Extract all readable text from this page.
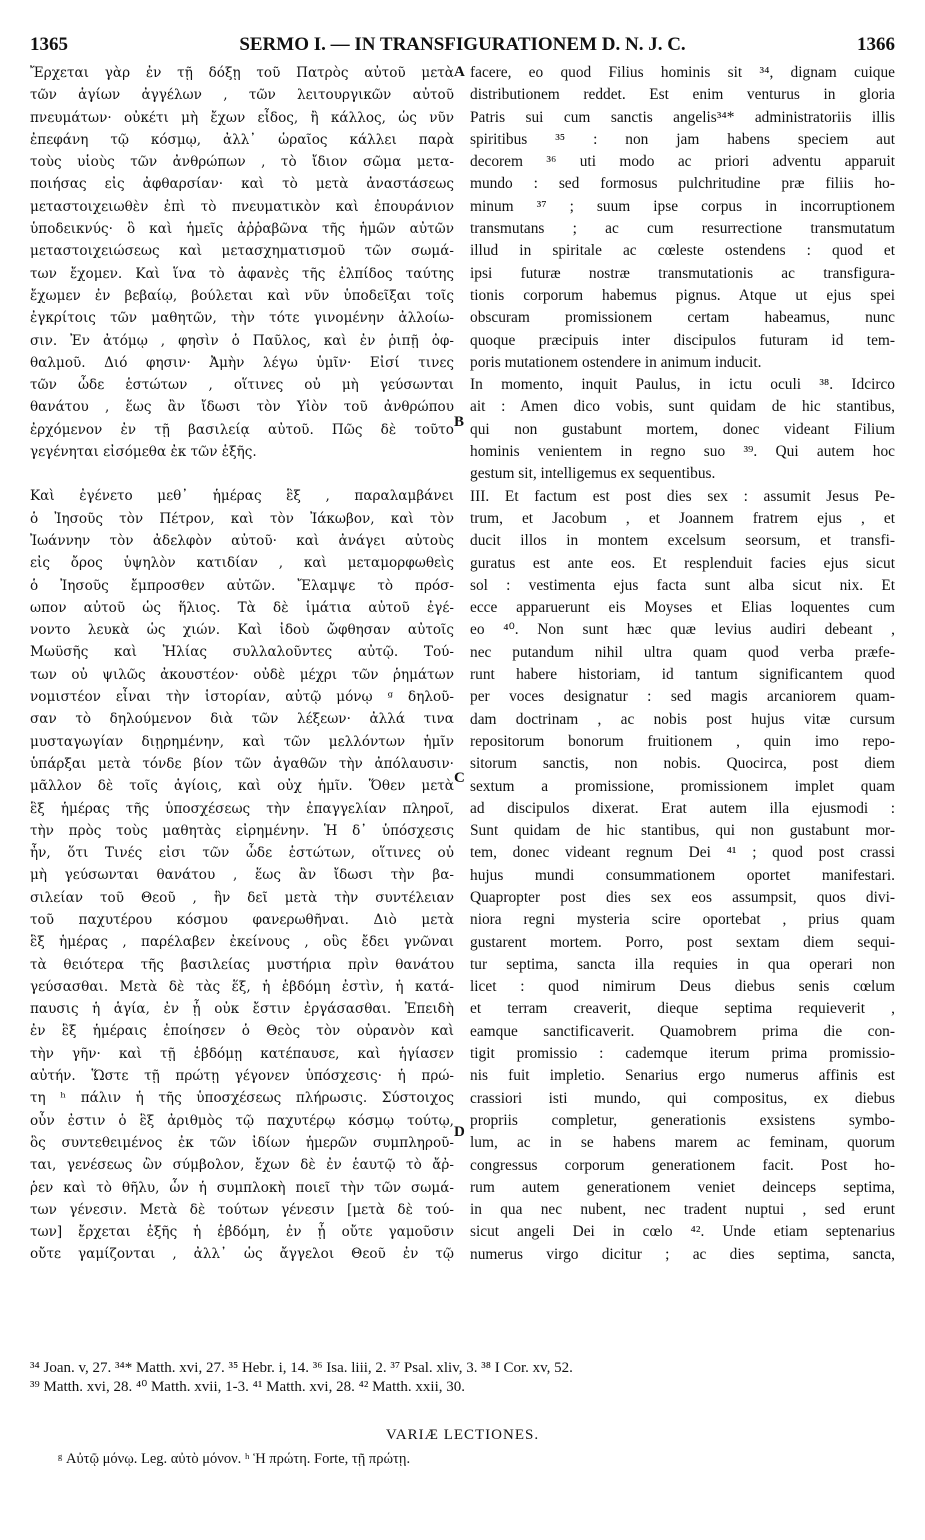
1365	SERMO I. — IN TRANSFIGURATIONEM D. N. J. C.	1366
Ἔρχεται γὰρ ἐν τῇ δόξῃ τοῦ Πατρὸς αὐτοῦ μετὰ
τῶν ἁγίων ἀγγέλων , τῶν λειτουργικῶν αὐτοῦ
πνευμάτων· οὐκέτι μὴ ἔχων εἶδος, ἢ κάλλος, ὡς νῦν
ἐπεφάνη τῷ κόσμῳ, ἀλλ᾽ ὡραῖος κάλλει παρὰ
τοὺς υἱοὺς τῶν ἀνθρώπων , τὸ ἴδιον σῶμα μετα-
ποιήσας εἰς ἀφθαρσίαν· καὶ τὸ μετὰ ἀναστάσεως
μεταστοιχειωθὲν ἐπὶ τὸ πνευματικὸν καὶ ἐπουράνιον
ὑποδεικνύς· ὃ καὶ ἡμεῖς ἀῤῥαβῶνα τῆς ἡμῶν αὐτῶν
μεταστοιχειώσεως καὶ μετασχηματισμοῦ τῶν σωμά-
των ἔχομεν. Καὶ ἵνα τὸ ἀφανὲς τῆς ἐλπίδος ταύτης
ἔχωμεν ἐν βεβαίῳ, βούλεται καὶ νῦν ὑποδεῖξαι τοῖς
ἐγκρίτοις τῶν μαθητῶν, τὴν τότε γινομένην ἀλλοίω-
σιν. Ἐν ἀτόμῳ , φησὶν ὁ Παῦλος, καὶ ἐν ῥιπῇ ὀφ-
θαλμοῦ. Διό φησιν· Ἀμὴν λέγω ὑμῖν· Εἰσί τινες
τῶν ὧδε ἑστώτων , οἵτινες οὐ μὴ γεύσωνται
θανάτου , ἕως ἂν ἴδωσι τὸν Υἱὸν τοῦ ἀνθρώπου
ἐρχόμενον ἐν τῇ βασιλείᾳ αὐτοῦ. Πῶς δὲ τοῦτο
γεγένηται εἰσόμεθα ἐκ τῶν ἑξῆς.
Καὶ ἐγένετο μεθ᾽ ἡμέρας ἓξ , παραλαμβάνει
ὁ Ἰησοῦς τὸν Πέτρον, καὶ τὸν Ἰάκωβον, καὶ τὸν
Ἰωάννην τὸν ἀδελφὸν αὐτοῦ· καὶ ἀνάγει αὐτοὺς
εἰς ὄρος ὑψηλὸν κατιδίαν , καὶ μεταμορφωθεὶς
ὁ Ἰησοῦς ἔμπροσθεν αὐτῶν. Ἔλαμψε τὸ πρόσ-
ωπον αὐτοῦ ὡς ἥλιος. Τὰ δὲ ἱμάτια αὐτοῦ ἐγέ-
νοντο λευκὰ ὡς χιών. Καὶ ἰδοὺ ὤφθησαν αὐτοῖς
Μωϋσῆς καὶ Ἠλίας συλλαλοῦντες αὐτῷ. Τού-
των οὐ ψιλῶς ἀκουστέον· οὐδὲ μέχρι τῶν ῥημάτων
νομιστέον εἶναι τὴν ἱστορίαν, αὐτῷ μόνῳ ᵍ δηλοῦ-
σαν τὸ δηλούμενον διὰ τῶν λέξεων· ἀλλά τινα
μυσταγωγίαν διῃρημένην, καὶ τῶν μελλόντων ἡμῖν
ὑπάρξαι μετὰ τόνδε βίον τῶν ἀγαθῶν τὴν ἀπόλαυσιν·
μᾶλλον δὲ τοῖς ἁγίοις, καὶ οὐχ ἡμῖν. Ὅθεν μετὰ
ἓξ ἡμέρας τῆς ὑποσχέσεως τὴν ἐπαγγελίαν πληροῖ,
τὴν πρὸς τοὺς μαθητὰς εἰρημένην. Ἡ δ᾽ ὑπόσχεσις
ἦν, ὅτι Τινές εἰσι τῶν ὧδε ἑστώτων, οἵτινες οὐ
μὴ γεύσωνται θανάτου , ἕως ἂν ἴδωσι τὴν βα-
σιλείαν τοῦ Θεοῦ , ἣν δεῖ μετὰ τὴν συντέλειαν
τοῦ παχυτέρου κόσμου φανερωθῆναι. Διὸ μετὰ
ἓξ ἡμέρας , παρέλαβεν ἐκείνους , οὓς ἔδει γνῶναι
τὰ θειότερα τῆς βασιλείας μυστήρια πρὶν θανάτου
γεύσασθαι. Μετὰ δὲ τὰς ἕξ, ἡ ἑβδόμη ἐστὶν, ἡ κατά-
παυσις ἡ ἁγία, ἐν ᾗ οὐκ ἔστιν ἐργάσασθαι. Ἐπειδὴ
ἐν ἓξ ἡμέραις ἐποίησεν ὁ Θεὸς τὸν οὐρανὸν καὶ
τὴν γῆν· καὶ τῇ ἑβδόμῃ κατέπαυσε, καὶ ἡγίασεν
αὐτήν. Ὥστε τῇ πρώτῃ γέγονεν ὑπόσχεσις· ἡ πρώ-
τη ʰ πάλιν ἡ τῆς ὑποσχέσεως πλήρωσις. Σύστοιχος
οὖν ἐστιν ὁ ἓξ ἀριθμὸς τῷ παχυτέρῳ κόσμῳ τούτῳ,
ὃς συντεθειμένος ἐκ τῶν ἰδίων ἡμερῶν συμπληροῦ-
ται, γενέσεως ὢν σύμβολον, ἔχων δὲ ἐν ἑαυτῷ τὸ ἄῤ-
ῥεν καὶ τὸ θῆλυ, ὧν ἡ συμπλοκὴ ποιεῖ τὴν τῶν σωμά-
των γένεσιν. Μετὰ δὲ τούτων γένεσιν [μετὰ δὲ τού-
των] ἔρχεται ἑξῆς ἡ ἑβδόμη, ἐν ᾗ οὔτε γαμοῦσιν
οὔτε γαμίζονται , ἀλλ᾽ ὡς ἄγγελοι Θεοῦ ἐν τῷ
facere, eo quod Filius hominis sit ³⁴, dignam cuique
distributionem reddet. Est enim venturus in gloria
Patris sui cum sanctis angelis³⁴* administratoriis illis
spiritibus ³⁵ : non jam habens speciem aut
decorem ³⁶ uti modo ac priori adventu apparuit
mundo : sed formosus pulchritudine præ filiis ho-
minum ³⁷ ; suum ipse corpus in incorruptionem
transmutans ; ac cum resurrectione transmutatum
illud in spiritale ac cœleste ostendens : quod et
ipsi futuræ nostræ transmutationis ac transfigura-
tionis corporum habemus pignus. Atque ut ejus spei
obscuram promissionem certam habeamus, nunc
quoque præcipuis inter discipulos futuram id tem-
poris mutationem ostendere in animum inducit.
In momento, inquit Paulus, in ictu oculi ³⁸. Idcirco
ait : Amen dico vobis, sunt quidam de hic stantibus,
qui non gustabunt mortem, donec videant Filium
hominis venientem in regno suo ³⁹. Qui autem hoc
gestum sit, intelligemus ex sequentibus.
III. Et factum est post dies sex : assumit Jesus Pe-
trum, et Jacobum , et Joannem fratrem ejus , et
ducit illos in montem excelsum seorsum, et transfi-
guratus est ante eos. Et resplenduit facies ejus sicut
sol : vestimenta ejus facta sunt alba sicut nix. Et
ecce apparuerunt eis Moyses et Elias loquentes cum
eo ⁴⁰. Non sunt hæc quæ levius audiri debeant ,
nec putandum nihil ultra quam quod verba præfe-
runt habere historiam, id tantum significantem quod
per voces designatur : sed magis arcaniorem quam-
dam doctrinam , ac nobis post hujus vitæ cursum
repositorum bonorum fruitionem , quin imo repo-
sitorum sanctis, non nobis. Quocirca, post diem
sextum a promissione, promissionem implet quam
ad discipulos dixerat. Erat autem illa ejusmodi :
Sunt quidam de hic stantibus, qui non gustabunt mor-
tem, donec videant regnum Dei ⁴¹ ; quod post crassi
hujus mundi consummationem oportet manifestari.
Quapropter post dies sex eos assumpsit, quos divi-
niora regni mysteria scire oportebat , prius quam
gustarent mortem. Porro, post sextam diem sequi-
tur septima, sancta illa requies in qua operari non
licet : quod nimirum Deus diebus senis cœlum
et terram creaverit, dieque septima requieverit ,
eamque sanctificaverit. Quamobrem prima die con-
tigit promissio : cademque iterum prima promissio-
nis fuit impletio. Senarius ergo numerus affinis est
crassiori isti mundo, qui compositus, ex diebus
propriis completur, generationis exsistens symbo-
lum, ac in se habens marem ac feminam, quorum
congressus corporum generationem facit. Post ho-
rum autem generationem veniet deinceps septima,
in qua nec nubent, nec tradent nuptui , sed erunt
sicut angeli Dei in cœlo ⁴². Unde etiam septenarius
numerus virgo dicitur ; ac dies septima, sancta,
A
B
C
D
³⁴ Joan. v, 27. ³⁴* Matth. xvi, 27. ³⁵ Hebr. i, 14. ³⁶ Isa. liii, 2. ³⁷ Psal. xliv, 3. ³⁸ I Cor. xv, 52.
³⁹ Matth. xvi, 28. ⁴⁰ Matth. xvii, 1-3. ⁴¹ Matth. xvi, 28. ⁴² Matth. xxii, 30.
VARIÆ LECTIONES.
ᵍ Αὐτῷ μόνῳ. Leg. αὐτὸ μόνον. ʰ Ἡ πρώτη. Forte, τῇ πρώτῃ.
